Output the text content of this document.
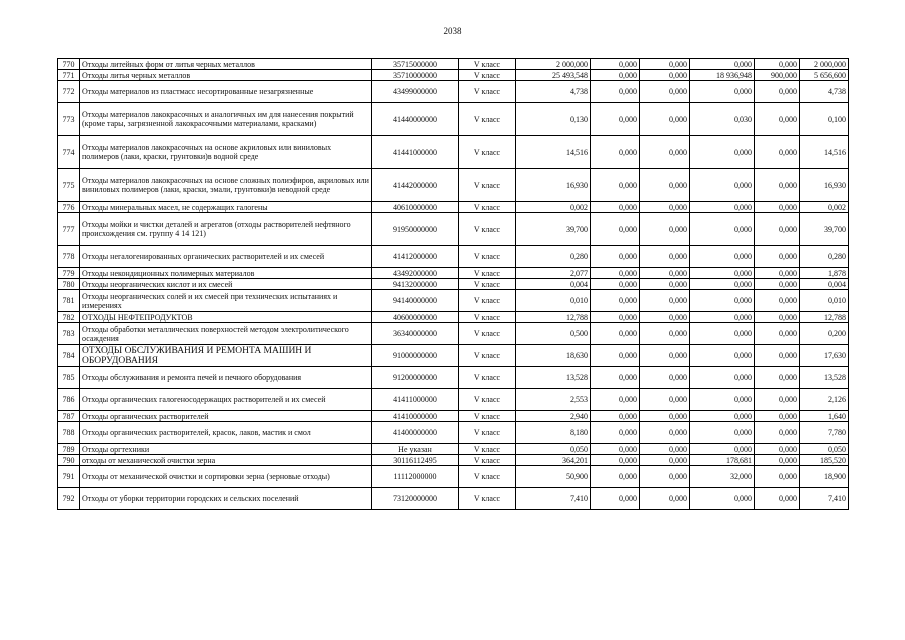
2038
770	Отходы литейных форм от литья черных металлов	35715000000	V класс	2 000,000	0,000	0,000	0,000	0,000	2 000,000
771	Отходы литья черных металлов	35710000000	V класс	25 493,548	0,000	0,000	18 936,948	900,000	5 656,600
772	Отходы материалов из пластмасс несортированные незагрязненные	43499000000	V класс	4,738	0,000	0,000	0,000	0,000	4,738
773	Отходы материалов лакокрасочных и аналогичных им для нанесения покрытий (кроме тары, загрязненной лакокрасочными материалами, красками)	41440000000	V класс	0,130	0,000	0,000	0,030	0,000	0,100
774	Отходы материалов лакокрасочных на основе акриловых или виниловых полимеров (лаки, краски, грунтовки)в водной среде	41441000000	V класс	14,516	0,000	0,000	0,000	0,000	14,516
775	Отходы материалов лакокрасочных на основе сложных полиэфиров, акриловых или виниловых полимеров (лаки, краски, эмали, грунтовки)в неводной среде	41442000000	V класс	16,930	0,000	0,000	0,000	0,000	16,930
776	Отходы минеральных масел, не содержащих галогены	40610000000	V класс	0,002	0,000	0,000	0,000	0,000	0,002
777	Отходы мойки и чистки деталей и агрегатов (отходы растворителей нефтяного происхождения см. группу 4 14 121)	91950000000	V класс	39,700	0,000	0,000	0,000	0,000	39,700
778	Отходы негалогенированных органических растворителей и их смесей	41412000000	V класс	0,280	0,000	0,000	0,000	0,000	0,280
779	Отходы некондиционных полимерных материалов	43492000000	V класс	2,077	0,000	0,000	0,000	0,000	1,878
780	Отходы неорганических кислот и их смесей	94132000000	V класс	0,004	0,000	0,000	0,000	0,000	0,004
781	Отходы неорганических солей и их смесей при технических испытаниях и измерениях	94140000000	V класс	0,010	0,000	0,000	0,000	0,000	0,010
782	ОТХОДЫ НЕФТЕПРОДУКТОВ	40600000000	V класс	12,788	0,000	0,000	0,000	0,000	12,788
783	Отходы обработки металлических поверхностей методом электролитического осаждения	36340000000	V класс	0,500	0,000	0,000	0,000	0,000	0,200
784	ОТХОДЫ ОБСЛУЖИВАНИЯ И РЕМОНТА МАШИН И ОБОРУДОВАНИЯ	91000000000	V класс	18,630	0,000	0,000	0,000	0,000	17,630
785	Отходы обслуживания и ремонта печей и печного оборудования	91200000000	V класс	13,528	0,000	0,000	0,000	0,000	13,528
786	Отходы органических галогеносодержащих растворителей и их смесей	41411000000	V класс	2,553	0,000	0,000	0,000	0,000	2,126
787	Отходы органических растворителей	41410000000	V класс	2,940	0,000	0,000	0,000	0,000	1,640
788	Отходы органических растворителей, красок, лаков, мастик и смол	41400000000	V класс	8,180	0,000	0,000	0,000	0,000	7,780
789	Отходы оргтехники	Не указан	V класс	0,050	0,000	0,000	0,000	0,000	0,050
790	отходы от механической очистки зерна	30116112495	V класс	364,201	0,000	0,000	178,681	0,000	185,520
791	Отходы от механической очистки и сортировки зерна (зерновые отходы)	11112000000	V класс	50,900	0,000	0,000	32,000	0,000	18,900
792	Отходы от уборки территории городских и сельских поселений	73120000000	V класс	7,410	0,000	0,000	0,000	0,000	7,410
